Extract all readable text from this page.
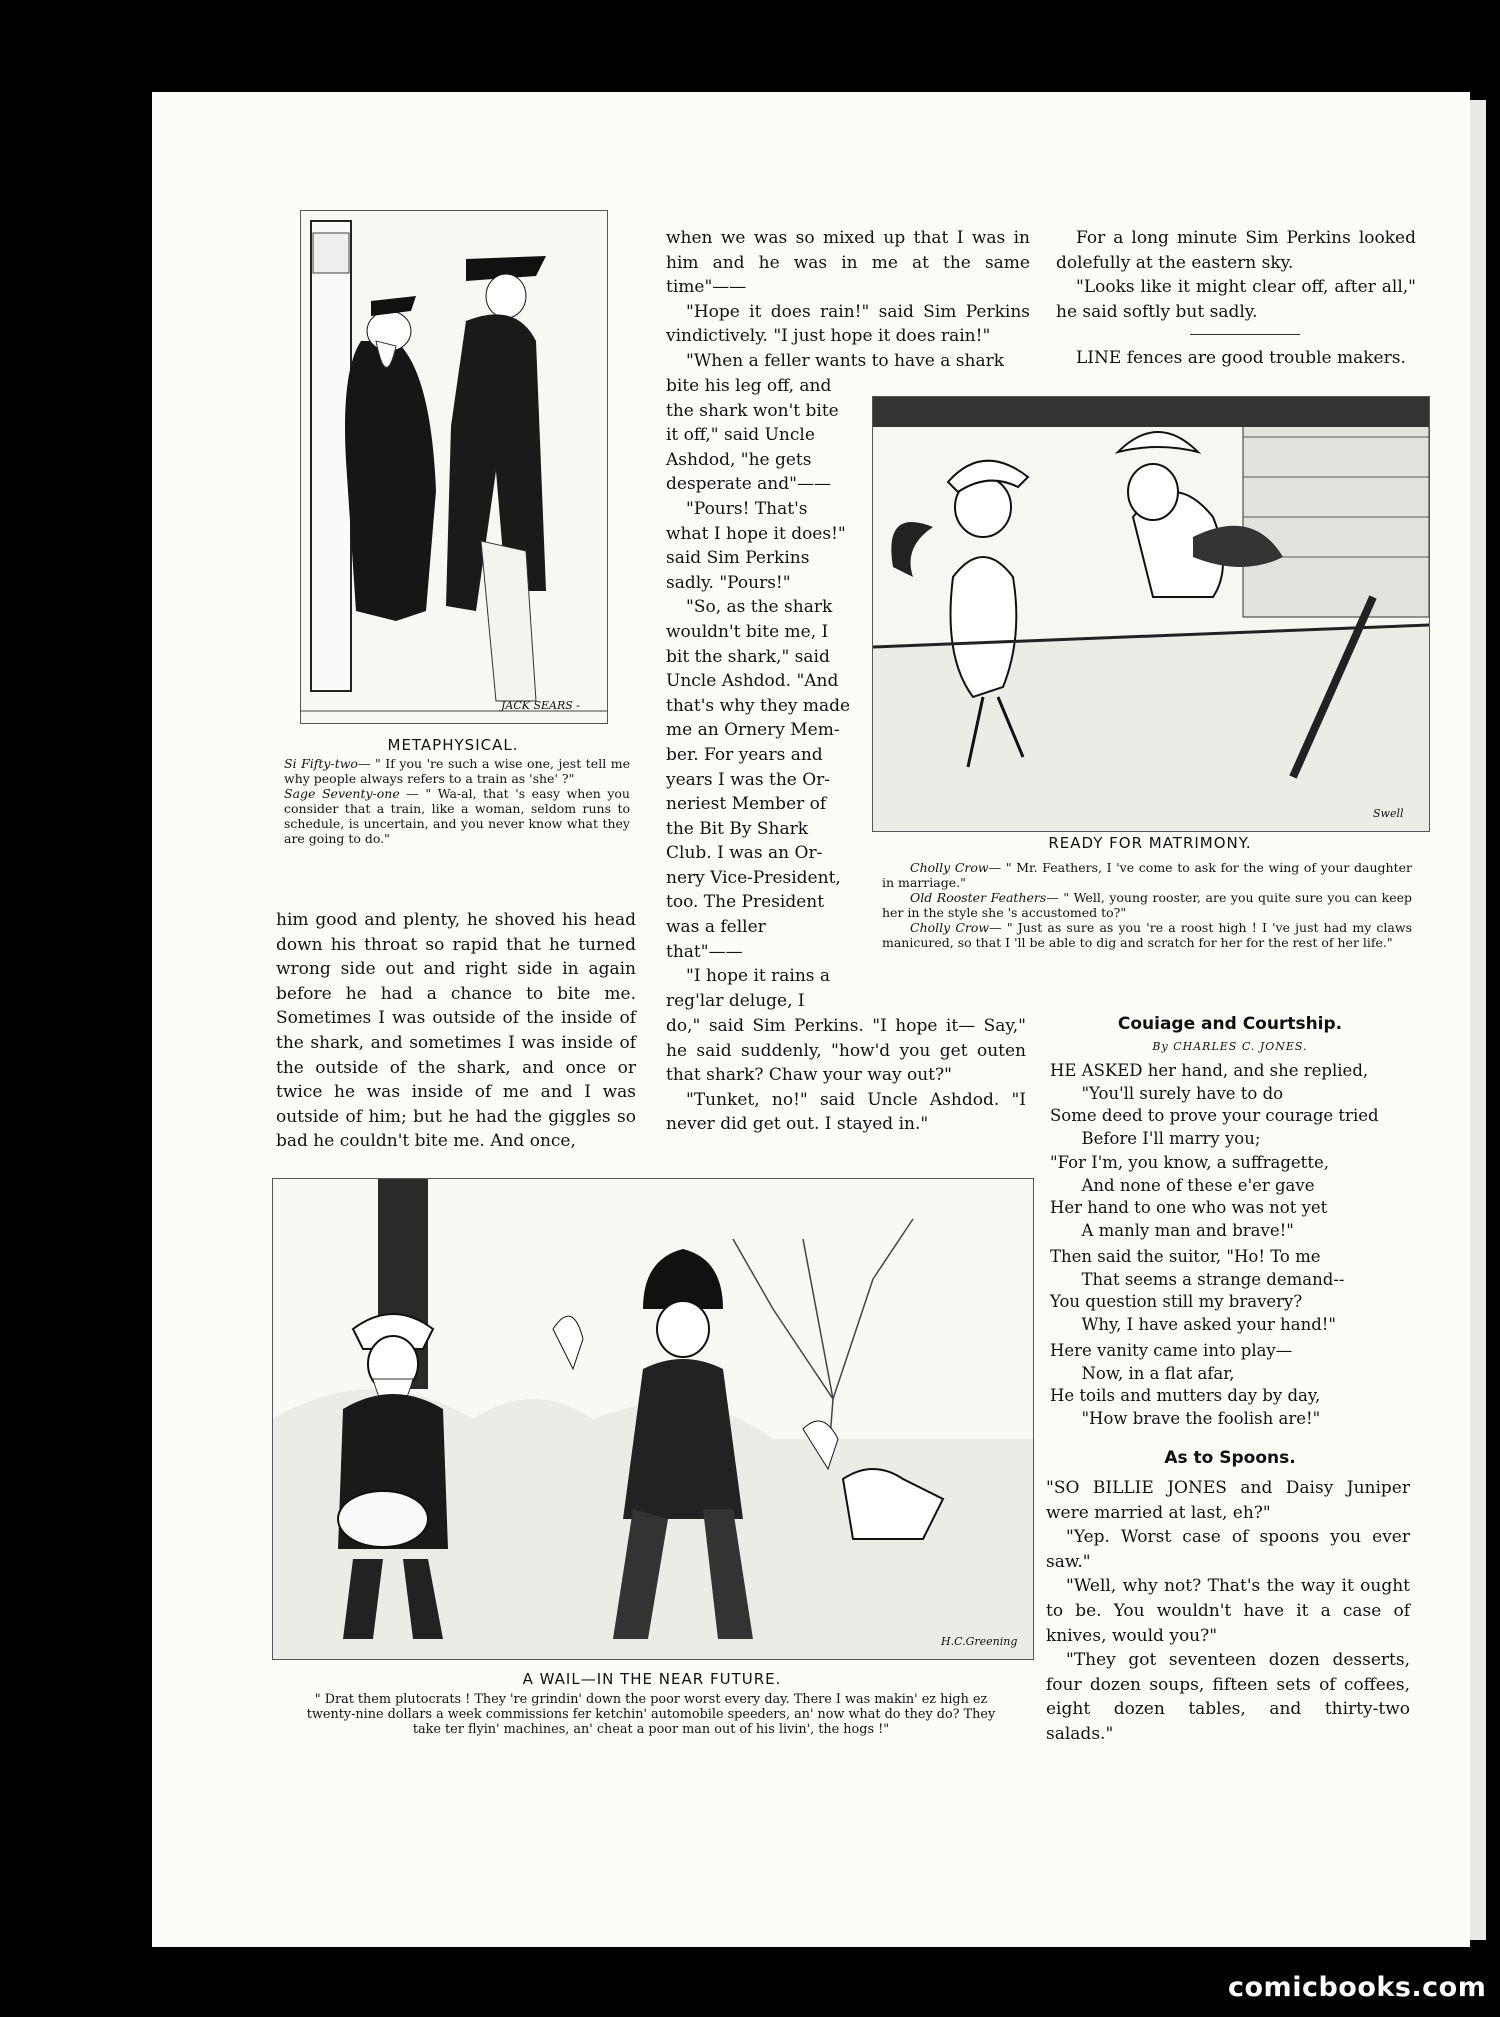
JACK SEARS -
METAPHYSICAL.
Si Fifty-two— " If you 're such a wise one, jest tell me why people always refers to a train as 'she' ?"
Sage Seventy-one — " Wa-al, that 's easy when you consider that a train, like a woman, seldom runs to schedule, is uncertain, and you never know what they are going to do."
him good and plenty, he shoved his head down his throat so rapid that he turned wrong side out and right side in again before he had a chance to bite me. Sometimes I was outside of the inside of the shark, and sometimes I was inside of the outside of the shark, and once or twice he was inside of me and I was outside of him; but he had the giggles so bad he couldn't bite me. And once,

when we was so mixed up that I was in him and he was in me at the same time"——

"Hope it does rain!" said Sim Perkins vindictively. "I just hope it does rain!"

"When a feller wants to have a shark

bite his leg off, and
the shark won't bite
it off," said Uncle
Ashdod, "he gets
desperate and"——
"Pours! That's
what I hope it does!"
said Sim Perkins
sadly. "Pours!"
"So, as the shark
wouldn't bite me, I
bit the shark," said
Uncle Ashdod. "And
that's why they made
me an Ornery Mem-
ber. For years and
years I was the Or-
neriest Member of
the Bit By Shark
Club. I was an Or-
nery Vice-President,
too. The President
was a feller
that"——
"I hope it rains a
reg'lar deluge, I

do," said Sim Perkins. "I hope it— Say," he said suddenly, "how'd you get outen that shark? Chaw your way out?"

"Tunket, no!" said Uncle Ashdod. "I never did get out. I stayed in."

For a long minute Sim Perkins looked dolefully at the eastern sky.

"Looks like it might clear off, after all," he said softly but sadly.

LINE fences are good trouble makers.
Swell
READY FOR MATRIMONY.
Cholly Crow— " Mr. Feathers, I 've come to ask for the wing of your daughter in marriage."
Old Rooster Feathers— " Well, young rooster, are you quite sure you can keep her in the style she 's accustomed to?"
Cholly Crow— " Just as sure as you 're a roost high ! I 've just had my claws manicured, so that I 'll be able to dig and scratch for her for the rest of her life."
H.C.Greening
A WAIL—IN THE NEAR FUTURE.
" Drat them plutocrats ! They 're grindin' down the poor worst every day. There I was makin' ez high ez twenty-nine dollars a week commissions fer ketchin' automobile speeders, an' now what do they do? They take ter flyin' machines, an' cheat a poor man out of his livin', the hogs !"
Couiage and Courtship.
By CHARLES C. JONES.
HE ASKED her hand, and she replied,
"You'll surely have to do
Some deed to prove your courage tried
Before I'll marry you;
"For I'm, you know, a suffragette,
And none of these e'er gave
Her hand to one who was not yet
A manly man and brave!"
Then said the suitor, "Ho! To me
That seems a strange demand--
You question still my bravery?
Why, I have asked your hand!"
Here vanity came into play—
Now, in a flat afar,
He toils and mutters day by day,
"How brave the foolish are!"
As to Spoons.

"SO BILLIE JONES and Daisy Juniper were married at last, eh?"

"Yep. Worst case of spoons you ever saw."

"Well, why not? That's the way it ought to be. You wouldn't have it a case of knives, would you?"

"They got seventeen dozen desserts, four dozen soups, fifteen sets of coffees, eight dozen tables, and thirty-two salads."

comicbooks.com
